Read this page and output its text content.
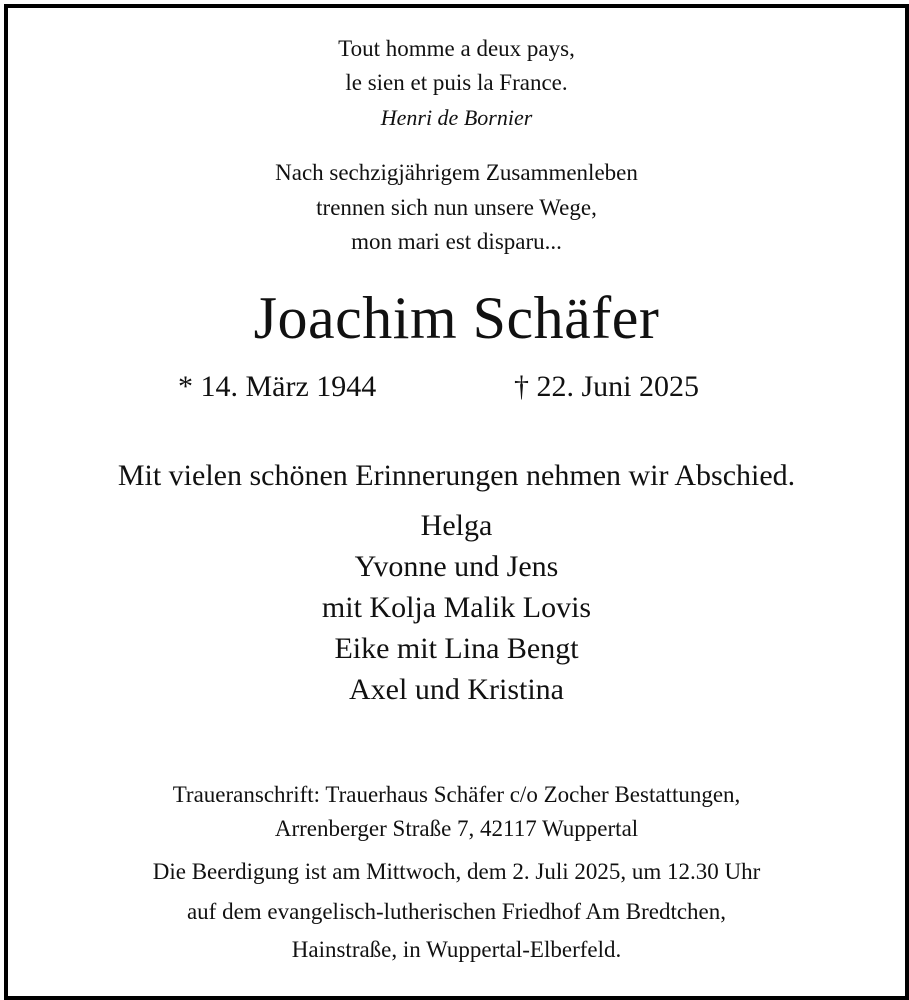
Tout homme a deux pays,
le sien et puis la France.
Henri de Bornier
Nach sechzigjährigem Zusammenleben
trennen sich nun unsere Wege,
mon mari est disparu...
Joachim Schäfer
* 14. März 1944	† 22. Juni 2025
Mit vielen schönen Erinnerungen nehmen wir Abschied.
Helga
Yvonne und Jens
mit Kolja Malik Lovis
Eike mit Lina Bengt
Axel und Kristina
Traueranschrift: Trauerhaus Schäfer c/o Zocher Bestattungen,
Arrenberger Straße 7, 42117 Wuppertal
Die Beerdigung ist am Mittwoch, dem 2. Juli 2025, um 12.30 Uhr
auf dem evangelisch-lutherischen Friedhof Am Bredtchen,
Hainstraße, in Wuppertal-Elberfeld.
